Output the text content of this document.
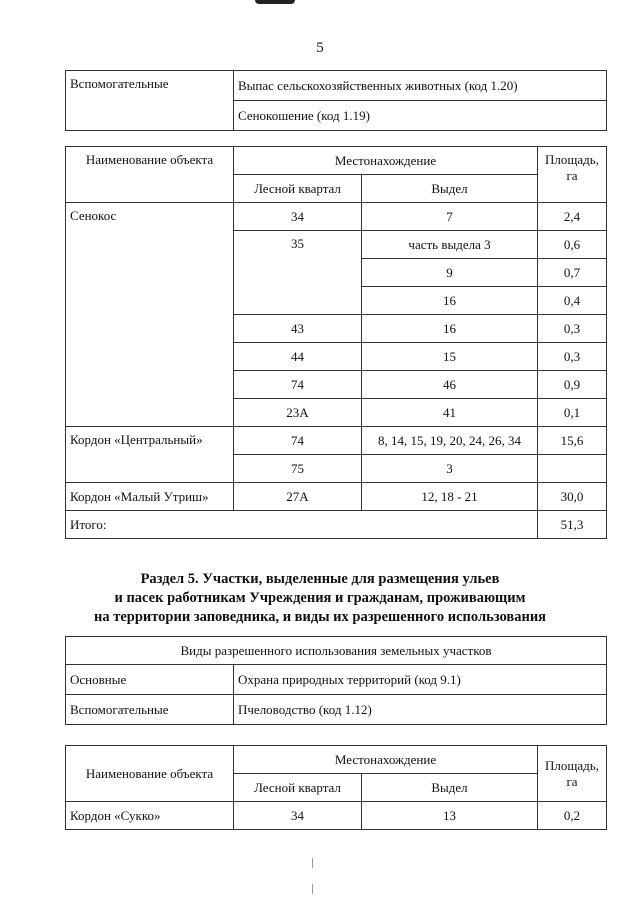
5
Вспомогательные	Выпас сельскохозяйственных животных (код 1.20)
Сенокошение (код 1.19)
Наименование объекта	Местонахождение		Площадь, га
	Лесной квартал	Выдел	
Сенокос	34	7	2,4
	35	часть выдела 3	0,6
		9	0,7
		16	0,4
	43	16	0,3
	44	15	0,3
	74	46	0,9
	23А	41	0,1
Кордон «Центральный»	74	8, 14, 15, 19, 20, 24, 26, 34	15,6
	75	3	
Кордон «Малый Утриш»	27А	12, 18 - 21	30,0
Итого:			51,3
Раздел 5. Участки, выделенные для размещения ульев
и пасек работникам Учреждения и гражданам, проживающим
на территории заповедника, и виды их разрешенного использования
Виды разрешенного использования земельных участков	
Основные	Охрана природных территорий (код 9.1)
Вспомогательные	Пчеловодство (код 1.12)
Наименование объекта	Местонахождение		Площадь, га
	Лесной квартал	Выдел	
Кордон «Сукко»	34	13	0,2
